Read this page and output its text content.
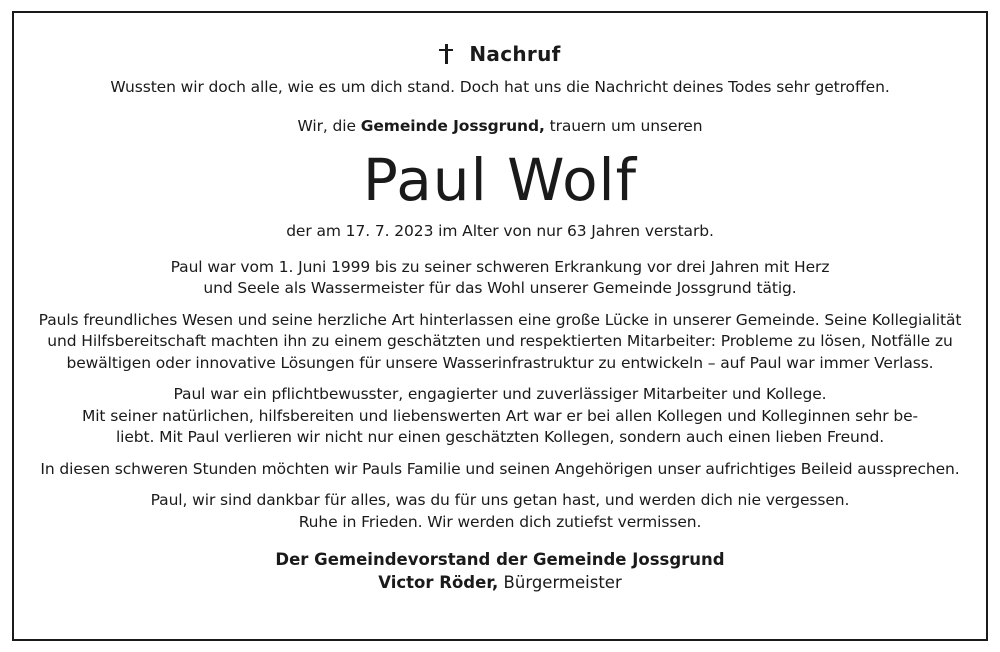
Nachruf
Wussten wir doch alle, wie es um dich stand. Doch hat uns die Nachricht deines Todes sehr getroffen.
Wir, die Gemeinde Jossgrund, trauern um unseren
Paul Wolf
der am 17. 7. 2023 im Alter von nur 63 Jahren verstarb.
Paul war vom 1. Juni 1999 bis zu seiner schweren Erkrankung vor drei Jahren mit Herz
und Seele als Wassermeister für das Wohl unserer Gemeinde Jossgrund tätig.
Pauls freundliches Wesen und seine herzliche Art hinterlassen eine große Lücke in unserer Gemeinde. Seine Kollegialität
und Hilfsbereitschaft machten ihn zu einem geschätzten und respektierten Mitarbeiter: Probleme zu lösen, Notfälle zu
bewältigen oder innovative Lösungen für unsere Wasserinfrastruktur zu entwickeln – auf Paul war immer Verlass.
Paul war ein pflichtbewusster, engagierter und zuverlässiger Mitarbeiter und Kollege.
Mit seiner natürlichen, hilfsbereiten und liebenswerten Art war er bei allen Kollegen und Kolleginnen sehr be-
liebt. Mit Paul verlieren wir nicht nur einen geschätzten Kollegen, sondern auch einen lieben Freund.
In diesen schweren Stunden möchten wir Pauls Familie und seinen Angehörigen unser aufrichtiges Beileid aussprechen.
Paul, wir sind dankbar für alles, was du für uns getan hast, und werden dich nie vergessen.
Ruhe in Frieden. Wir werden dich zutiefst vermissen.
Der Gemeindevorstand der Gemeinde Jossgrund
Victor Röder, Bürgermeister
